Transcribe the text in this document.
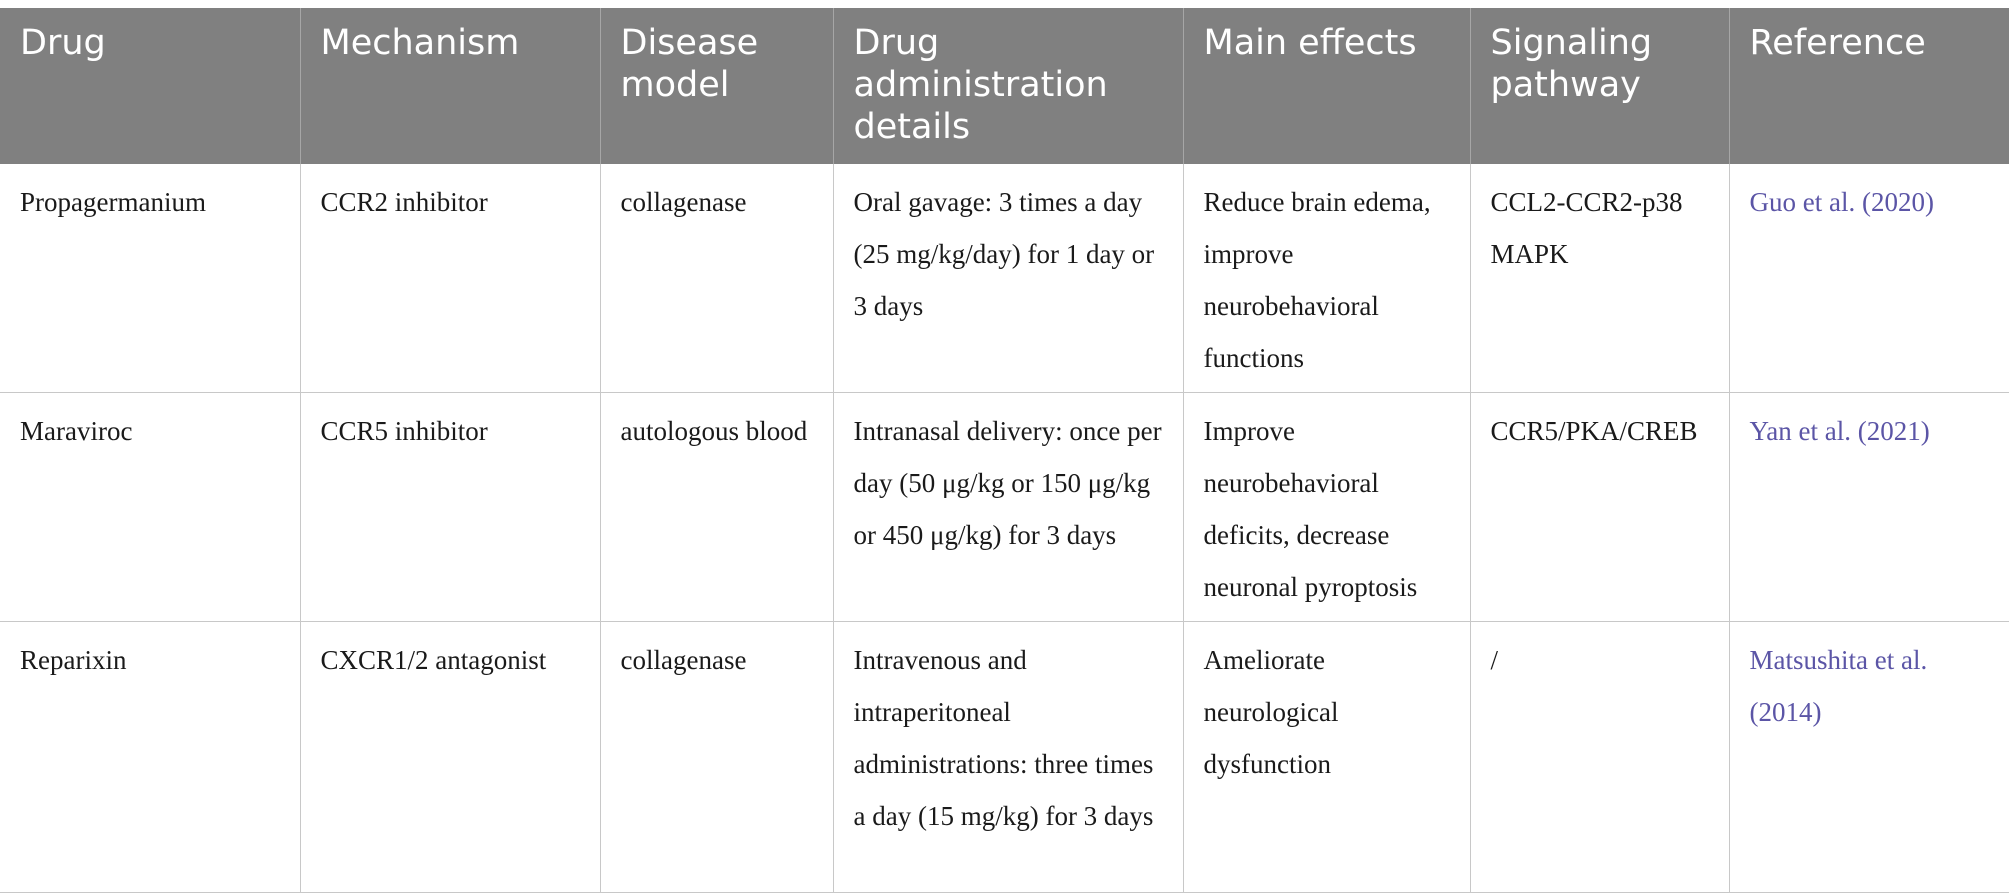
Drug	Mechanism	Disease model	Drug administration details	Main effects	Signaling pathway	Reference
Propagermanium	CCR2 inhibitor	collagenase	Oral gavage: 3 times a day (25 mg/kg/day) for 1 day or 3 days	Reduce brain edema, improve neurobehavioral functions	CCL2-CCR2-p38 MAPK	Guo et al. (2020)
Maraviroc	CCR5 inhibitor	autologous blood	Intranasal delivery: once per day (50 μg/kg or 150 μg/kg or 450 μg/kg) for 3 days	Improve neurobehavioral deficits, decrease neuronal pyroptosis	CCR5/PKA/CREB	Yan et al. (2021)
Reparixin	CXCR1/2 antagonist	collagenase	Intravenous and intraperitoneal administrations: three times a day (15 mg/kg) for 3 days	Ameliorate neurological dysfunction	/	Matsushita et al. (2014)
